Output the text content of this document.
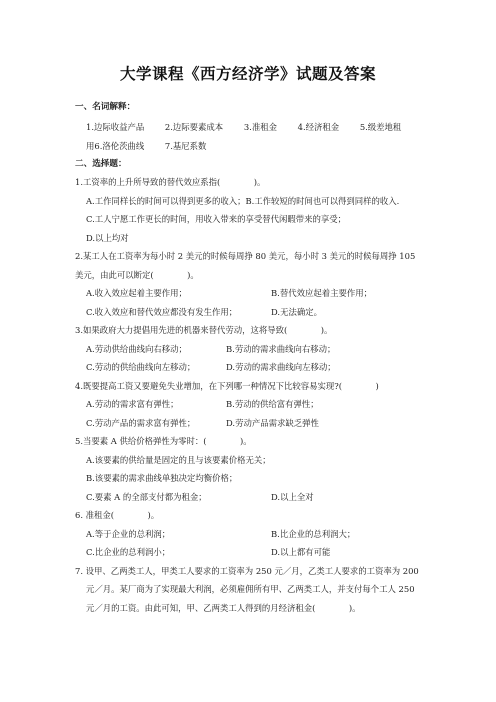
大学课程《西方经济学》试题及答案
一、名词解释：
1.边际收益产品 2.边际要素成本 3.准租金 4.经济租金 5.级差地租
用6.洛伦茨曲线 7.基尼系数
二、选择题：
1.工资率的上升所导致的替代效应系指(　　　　)。
A.工作同样长的时间可以得到更多的收入；B.工作较短的时间也可以得到同样的收入.
C.工人宁愿工作更长的时间，用收入带来的享受替代闲暇带来的享受；
D.以上均对
2.某工人在工资率为每小时 2 美元的时候每周挣 80 美元，每小时 3 美元的时候每周挣 105
美元，由此可以断定(　　　　)。
A.收入效应起着主要作用；	B.替代效应起着主要作用；
C.收入效应和替代效应都没有发生作用；	D.无法确定。
3.如果政府大力提倡用先进的机器来替代劳动，这将导致(　　　　)。
A.劳动供给曲线向右移动；	B.劳动的需求曲线向右移动；
C.劳动的供给曲线向左移动；	D.劳动的需求曲线向左移动；
4.既要提高工资又要避免失业增加，在下列哪一种情况下比较容易实现?(　　　　)
A.劳动的需求富有弹性；	B.劳动的供给富有弹性；
C.劳动产品的需求富有弹性；	D.劳动产品需求缺乏弹性
5.当要素 A 供给价格弹性为零时：(　　　　)。
A.该要素的供给量是固定的且与该要素价格无关；
B.该要素的需求曲线单独决定均衡价格；
C.要素 A 的全部支付都为租金；	D.以上全对
6. 准租金(　　　　)。
A.等于企业的总利润；	B.比企业的总利润大；
C.比企业的总利润小；	D.以上都有可能
7. 设甲、乙两类工人，甲类工人要求的工资率为 250 元／月，乙类工人要求的工资率为 200
元／月。某厂商为了实现最大利润，必须雇佣所有甲、乙两类工人，并支付每个工人 250
元／月的工资。由此可知，甲、乙两类工人得到的月经济租金(　　　　)。
